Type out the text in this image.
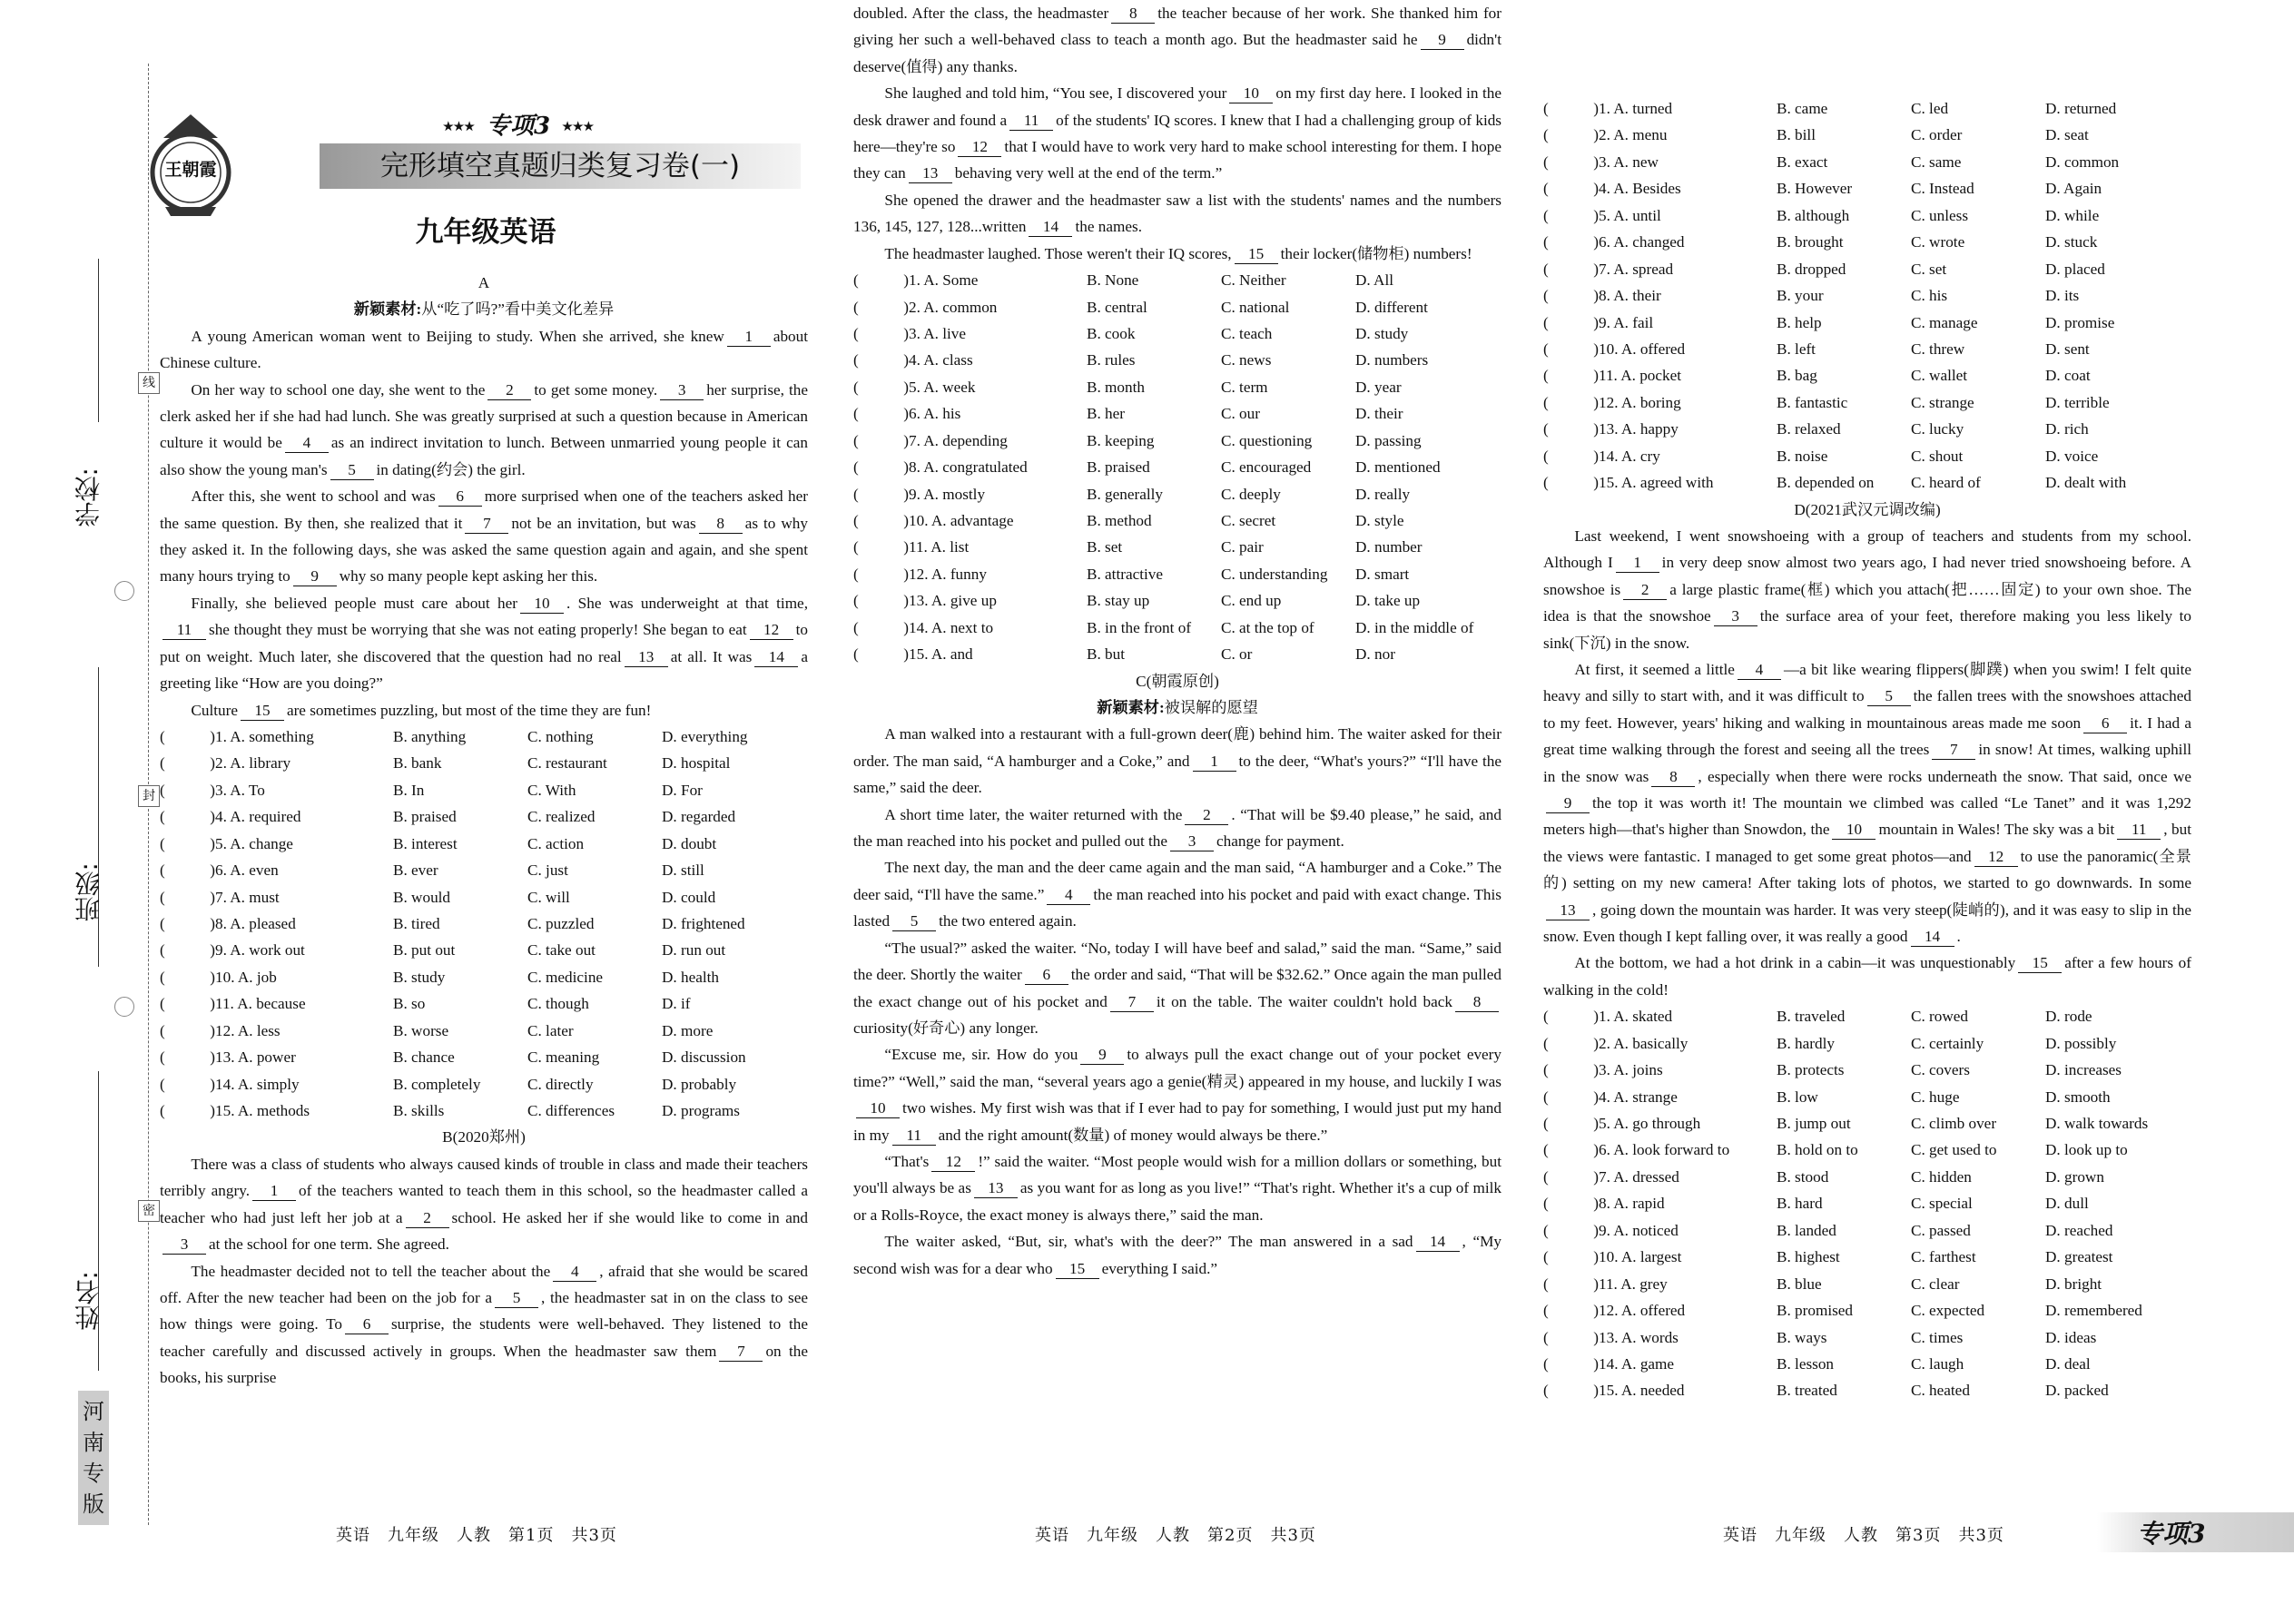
学校:
班级:
姓名:
线
封
密
河南专版
王朝霞
★★★ 专项3 ★★★
完形填空真题归类复习卷(一)
九年级英语

A

新颖素材:从“吃了吗?”看中美文化差异

A young American woman went to Beijing to study. When she arrived, she knew 1 about Chinese culture.

On her way to school one day, she went to the 2 to get some money. 3 her surprise, the clerk asked her if she had had lunch. She was greatly surprised at such a question because in American culture it would be 4 as an indirect invitation to lunch. Between unmarried young people it can also show the young man's 5 in dating(约会) the girl.

After this, she went to school and was 6 more surprised when one of the teachers asked her the same question. By then, she realized that it 7 not be an invitation, but was 8 as to why they asked it. In the following days, she was asked the same question again and again, and she spent many hours trying to 9 why so many people kept asking her this.

Finally, she believed people must care about her 10 . She was underweight at that time,11 she thought they must be worrying that she was not eating properly! She began to eat 12 to put on weight. Much later, she discovered that the question had no real 13 at all. It was 14 a greeting like “How are you doing?”

Culture 15 are sometimes puzzling, but most of the time they are fun!

(	) 1. A. something	B. anything	C. nothing	D. everything
(	) 2. A. library	B. bank	C. restaurant	D. hospital
(	) 3. A. To	B. In	C. With	D. For
(	) 4. A. required	B. praised	C. realized	D. regarded
(	) 5. A. change	B. interest	C. action	D. doubt
(	) 6. A. even	B. ever	C. just	D. still
(	) 7. A. must	B. would	C. will	D. could
(	) 8. A. pleased	B. tired	C. puzzled	D. frightened
(	) 9. A. work out	B. put out	C. take out	D. run out
(	) 10. A. job	B. study	C. medicine	D. health
(	) 11. A. because	B. so	C. though	D. if
(	) 12. A. less	B. worse	C. later	D. more
(	) 13. A. power	B. chance	C. meaning	D. discussion
(	) 14. A. simply	B. completely	C. directly	D. probably
(	) 15. A. methods	B. skills	C. differences	D. programs

B(2020郑州)

There was a class of students who always caused kinds of trouble in class and made their teachers terribly angry. 1 of the teachers wanted to teach them in this school, so the headmaster called a teacher who had just left her job at a 2 school. He asked her if she would like to come in and3 at the school for one term. She agreed.

The headmaster decided not to tell the teacher about the 4 , afraid that she would be scared off. After the new teacher had been on the job for a 5 , the headmaster sat in on the class to see how things were going. To 6 surprise, the students were well-behaved. They listened to the teacher carefully and discussed actively in groups. When the headmaster saw them 7 on the books, his surprise

doubled. After the class, the headmaster 8 the teacher because of her work. She thanked him for giving her such a well-behaved class to teach a month ago. But the headmaster said he 9 didn't deserve(值得) any thanks.

She laughed and told him, “You see, I discovered your 10 on my first day here. I looked in the desk drawer and found a 11 of the students' IQ scores. I knew that I had a challenging group of kids here—they're so 12 that I would have to work very hard to make school interesting for them. I hope they can 13 behaving very well at the end of the term.”

She opened the drawer and the headmaster saw a list with the students' names and the numbers 136, 145, 127, 128...written 14 the names.

The headmaster laughed. Those weren't their IQ scores, 15 their locker(储物柜) numbers!

(	) 1. A. Some	B. None	C. Neither	D. All
(	) 2. A. common	B. central	C. national	D. different
(	) 3. A. live	B. cook	C. teach	D. study
(	) 4. A. class	B. rules	C. news	D. numbers
(	) 5. A. week	B. month	C. term	D. year
(	) 6. A. his	B. her	C. our	D. their
(	) 7. A. depending	B. keeping	C. questioning	D. passing
(	) 8. A. congratulated	B. praised	C. encouraged	D. mentioned
(	) 9. A. mostly	B. generally	C. deeply	D. really
(	) 10. A. advantage	B. method	C. secret	D. style
(	) 11. A. list	B. set	C. pair	D. number
(	) 12. A. funny	B. attractive	C. understanding	D. smart
(	) 13. A. give up	B. stay up	C. end up	D. take up
(	) 14. A. next to	B. in the front of	C. at the top of	D. in the middle of
(	) 15. A. and	B. but	C. or	D. nor

C(朝霞原创)

新颖素材:被误解的愿望

A man walked into a restaurant with a full-grown deer(鹿) behind him. The waiter asked for their order. The man said, “A hamburger and a Coke,” and 1 to the deer, “What's yours?” “I'll have the same,” said the deer.

A short time later, the waiter returned with the 2 . “That will be $9.40 please,” he said, and the man reached into his pocket and pulled out the 3 change for payment.

The next day, the man and the deer came again and the man said, “A hamburger and a Coke.” The deer said, “I'll have the same.” 4 the man reached into his pocket and paid with exact change. This lasted 5 the two entered again.

“The usual?” asked the waiter. “No, today I will have beef and salad,” said the man. “Same,” said the deer. Shortly the waiter 6 the order and said, “That will be $32.62.” Once again the man pulled the exact change out of his pocket and 7 it on the table. The waiter couldn't hold back 8curiosity(好奇心) any longer.

“Excuse me, sir. How do you 9 to always pull the exact change out of your pocket every time?” “Well,” said the man, “several years ago a genie(精灵) appeared in my house, and luckily I was10 two wishes. My first wish was that if I ever had to pay for something, I would just put my hand in my 11 and the right amount(数量) of money would always be there.”

“That's 12 !” said the waiter. “Most people would wish for a million dollars or something, but you'll always be as 13 as you want for as long as you live!” “That's right. Whether it's a cup of milk or a Rolls-Royce, the exact money is always there,” said the man.

The waiter asked, “But, sir, what's with the deer?” The man answered in a sad 14 , “My second wish was for a dear who 15 everything I said.”

(	) 1. A. turned	B. came	C. led	D. returned
(	) 2. A. menu	B. bill	C. order	D. seat
(	) 3. A. new	B. exact	C. same	D. common
(	) 4. A. Besides	B. However	C. Instead	D. Again
(	) 5. A. until	B. although	C. unless	D. while
(	) 6. A. changed	B. brought	C. wrote	D. stuck
(	) 7. A. spread	B. dropped	C. set	D. placed
(	) 8. A. their	B. your	C. his	D. its
(	) 9. A. fail	B. help	C. manage	D. promise
(	) 10. A. offered	B. left	C. threw	D. sent
(	) 11. A. pocket	B. bag	C. wallet	D. coat
(	) 12. A. boring	B. fantastic	C. strange	D. terrible
(	) 13. A. happy	B. relaxed	C. lucky	D. rich
(	) 14. A. cry	B. noise	C. shout	D. voice
(	) 15. A. agreed with	B. depended on	C. heard of	D. dealt with

D(2021武汉元调改编)

Last weekend, I went snowshoeing with a group of teachers and students from my school. Although I 1 in very deep snow almost two years ago, I had never tried snowshoeing before. A snowshoe is 2 a large plastic frame(框) which you attach(把……固定) to your own shoe. The idea is that the snowshoe 3 the surface area of your feet, therefore making you less likely to sink(下沉) in the snow.

At first, it seemed a little 4 —a bit like wearing flippers(脚蹼) when you swim! I felt quite heavy and silly to start with, and it was difficult to 5 the fallen trees with the snowshoes attached to my feet. However, years' hiking and walking in mountainous areas made me soon 6 it. I had a great time walking through the forest and seeing all the trees 7 in snow! At times, walking uphill in the snow was 8 , especially when there were rocks underneath the snow. That said, once we9 the top it was worth it! The mountain we climbed was called “Le Tanet” and it was 1,292 meters high—that's higher than Snowdon, the 10 mountain in Wales! The sky was a bit 11 , but the views were fantastic. I managed to get some great photos—and 12 to use the panoramic(全景的) setting on my new camera! After taking lots of photos, we started to go downwards. In some13 , going down the mountain was harder. It was very steep(陡峭的), and it was easy to slip in the snow. Even though I kept falling over, it was really a good 14 .

At the bottom, we had a hot drink in a cabin—it was unquestionably 15 after a few hours of walking in the cold!

(	) 1. A. skated	B. traveled	C. rowed	D. rode
(	) 2. A. basically	B. hardly	C. certainly	D. possibly
(	) 3. A. joins	B. protects	C. covers	D. increases
(	) 4. A. strange	B. low	C. huge	D. smooth
(	) 5. A. go through	B. jump out	C. climb over	D. walk towards
(	) 6. A. look forward to	B. hold on to	C. get used to	D. look up to
(	) 7. A. dressed	B. stood	C. hidden	D. grown
(	) 8. A. rapid	B. hard	C. special	D. dull
(	) 9. A. noticed	B. landed	C. passed	D. reached
(	) 10. A. largest	B. highest	C. farthest	D. greatest
(	) 11. A. grey	B. blue	C. clear	D. bright
(	) 12. A. offered	B. promised	C. expected	D. remembered
(	) 13. A. words	B. ways	C. times	D. ideas
(	) 14. A. game	B. lesson	C. laugh	D. deal
(	) 15. A. needed	B. treated	C. heated	D. packed
英语　九年级　人教　第1页　共3页	英语　九年级　人教　第2页　共3页	英语　九年级　人教　第3页　共3页	专项3
